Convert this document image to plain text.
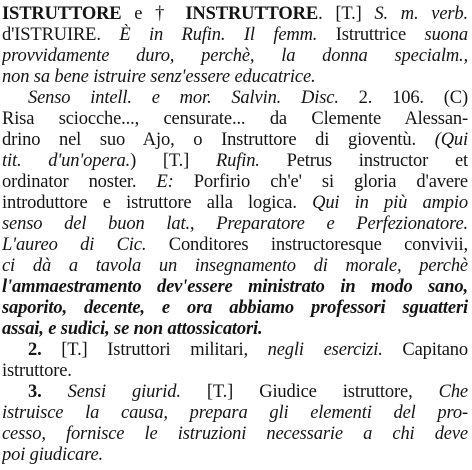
ISTRUTTORE e † INSTRUTTORE. [T.] S. m. verb.

d'ISTRUIRE. È in Rufin. Il femm. Istruttrice suona

provvidamente duro, perchè, la donna specialm.,

non sa bene istruire senz'essere educatrice.

Senso intell. e mor. Salvin. Disc. 2. 106. (C)

Risa sciocche..., censurate... da Clemente Alessan-

drino nel suo Ajo, o Instruttore di gioventù. (Qui

tit. d'un'opera.) [T.] Rufin. Petrus instructor et

ordinator noster. E: Porfirio ch'e' si gloria d'avere

introduttore e istruttore alla logica. Qui in più ampio

senso del buon lat., Preparatore e Perfezionatore.

L'aureo di Cic. Conditores instructoresque convivii,

ci dà a tavola un insegnamento di morale, perchè

l'ammaestramento dev'essere ministrato in modo sano,

saporito, decente, e ora abbiamo professori sguatteri

assai, e sudici, se non attossicatori.

2. [T.] Istruttori militari, negli esercizi. Capitano

istruttore.

3. Sensi giurid. [T.] Giudice istruttore, Che

istruisce la causa, prepara gli elementi del pro-

cesso, fornisce le istruzioni necessarie a chi deve

poi giudicare.
